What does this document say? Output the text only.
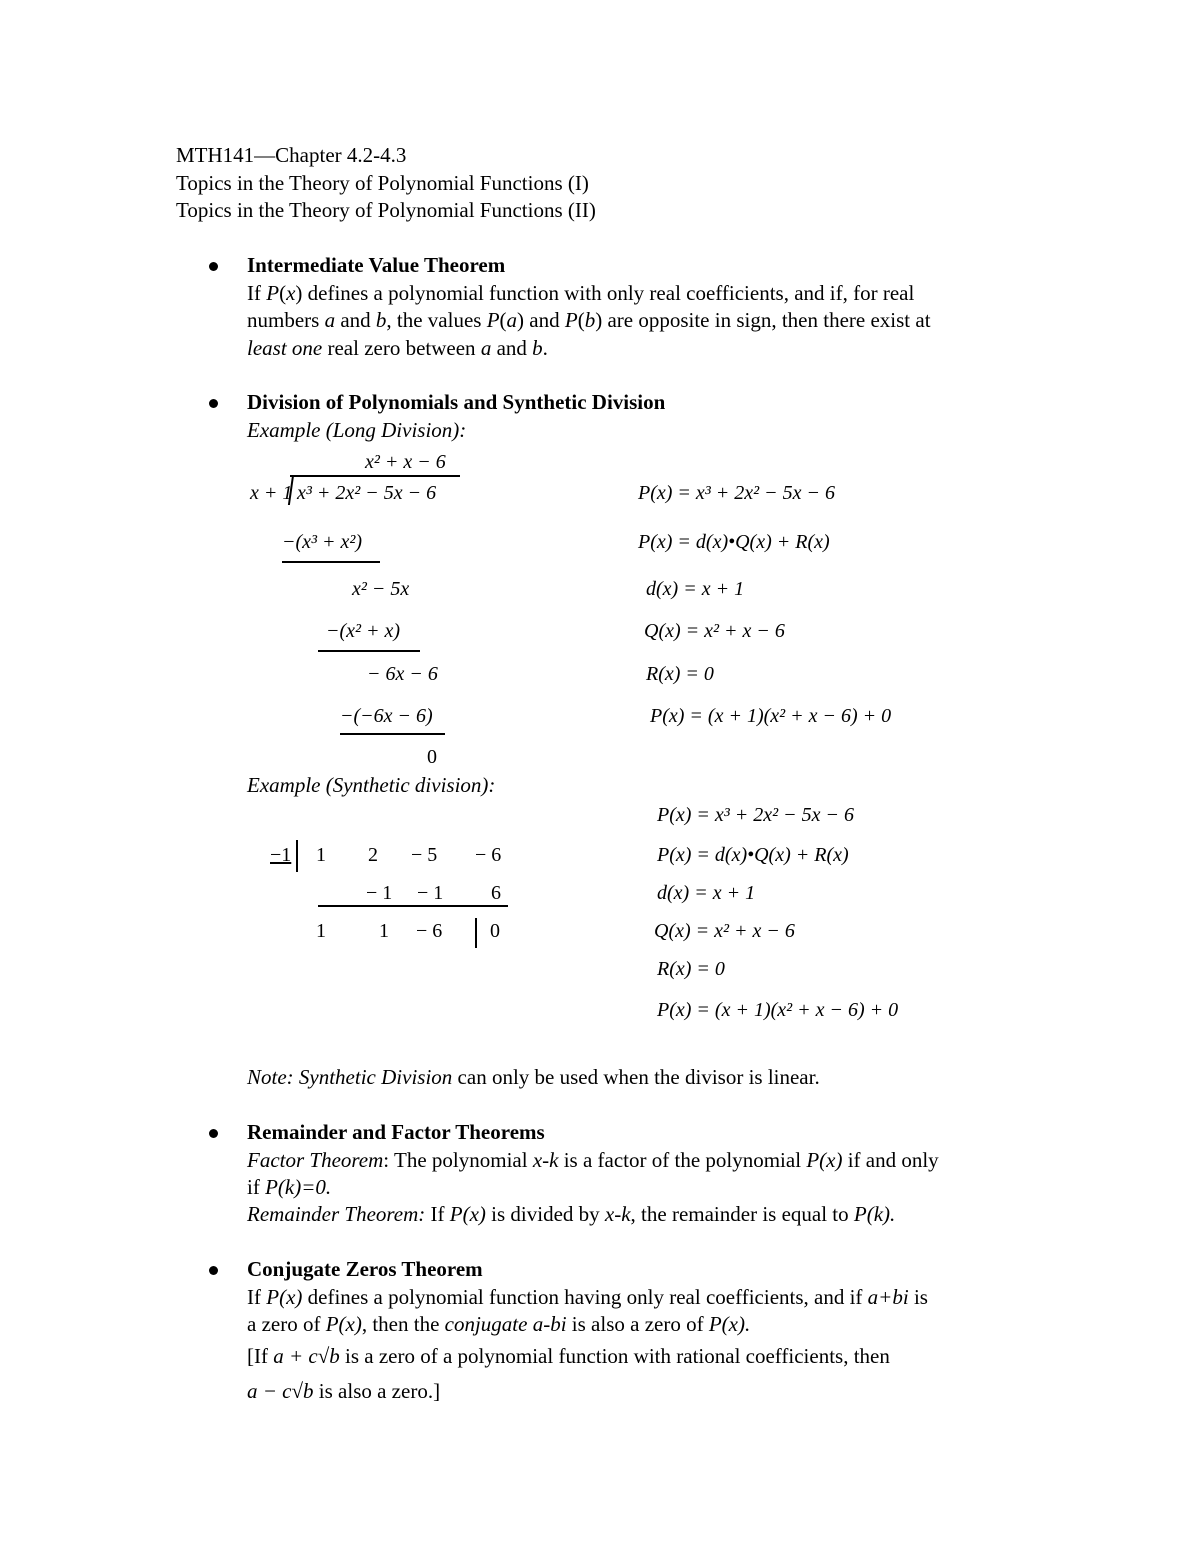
MTH141—Chapter 4.2-4.3
Topics in the Theory of Polynomial Functions (I)
Topics in the Theory of Polynomial Functions (II)
Intermediate Value Theorem
If P(x) defines a polynomial function with only real coefficients, and if, for real
numbers a and b, the values P(a) and P(b) are opposite in sign, then there exist at
least one real zero between a and b.
Division of Polynomials and Synthetic Division
Example (Long Division):
x² + x − 6
x + 1 x³ + 2x² − 5x − 6
−(x³ + x²)
x² − 5x
−(x² + x)
− 6x − 6
−(−6x − 6)
0
P(x) = x³ + 2x² − 5x − 6
P(x) = d(x)•Q(x) + R(x)
d(x) = x + 1
Q(x) = x² + x − 6
R(x) = 0
P(x) = (x + 1)(x² + x − 6) + 0
Example (Synthetic division):
−1 1 2 − 5 − 6
− 1 − 1 6
1	1 − 6 0
P(x) = x³ + 2x² − 5x − 6
P(x) = d(x)•Q(x) + R(x)
d(x) = x + 1
Q(x) = x² + x − 6
R(x) = 0
P(x) = (x + 1)(x² + x − 6) + 0
Note: Synthetic Division can only be used when the divisor is linear.
Remainder and Factor Theorems
Factor Theorem: The polynomial x-k is a factor of the polynomial P(x) if and only
if P(k)=0.
Remainder Theorem: If P(x) is divided by x-k, the remainder is equal to P(k).
Conjugate Zeros Theorem
If P(x) defines a polynomial function having only real coefficients, and if a+bi is
a zero of P(x), then the conjugate a-bi is also a zero of P(x).
[If a + c√b is a zero of a polynomial function with rational coefficients, then
a − c√b is also a zero.]
